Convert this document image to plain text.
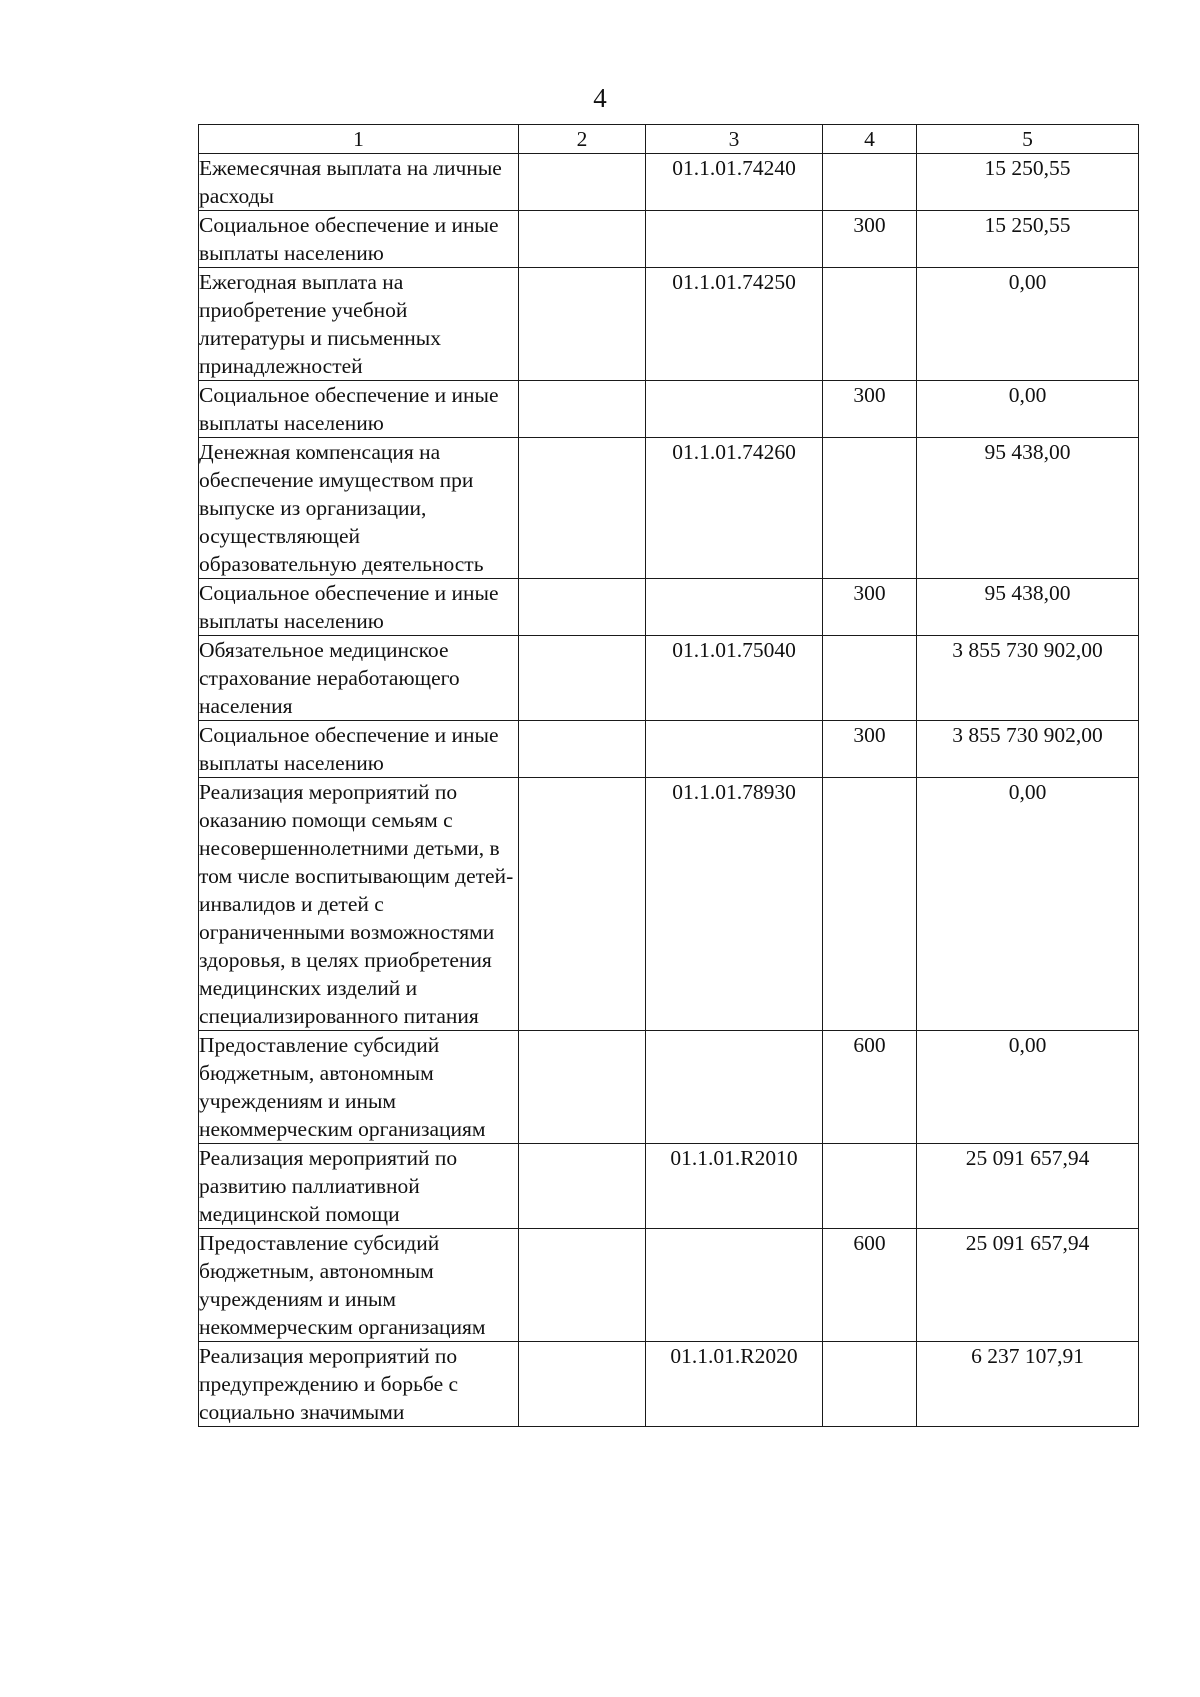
4
1	2	3	4	5
Ежемесячная выплата на личные расходы		01.1.01.74240		15 250,55
Социальное обеспечение и иные выплаты населению			300	15 250,55
Ежегодная выплата на приобретение учебной литературы и письменных принадлежностей		01.1.01.74250		0,00
Социальное обеспечение и иные выплаты населению			300	0,00
Денежная компенсация на обеспечение имуществом при выпуске из организации, осуществляющей образовательную деятельность		01.1.01.74260		95 438,00
Социальное обеспечение и иные выплаты населению			300	95 438,00
Обязательное медицинское страхование неработающего населения		01.1.01.75040		3 855 730 902,00
Социальное обеспечение и иные выплаты населению			300	3 855 730 902,00
Реализация мероприятий по оказанию помощи семьям с несовершеннолетними детьми, в том числе воспитывающим детей-инвалидов и детей с ограниченными возможностями здоровья, в целях приобретения медицинских изделий и специализированного питания		01.1.01.78930		0,00
Предоставление субсидий бюджетным, автономным учреждениям и иным некоммерческим организациям			600	0,00
Реализация мероприятий по развитию паллиативной медицинской помощи		01.1.01.R2010		25 091 657,94
Предоставление субсидий бюджетным, автономным учреждениям и иным некоммерческим организациям			600	25 091 657,94
Реализация мероприятий по предупреждению и борьбе с социально значимыми		01.1.01.R2020		6 237 107,91
